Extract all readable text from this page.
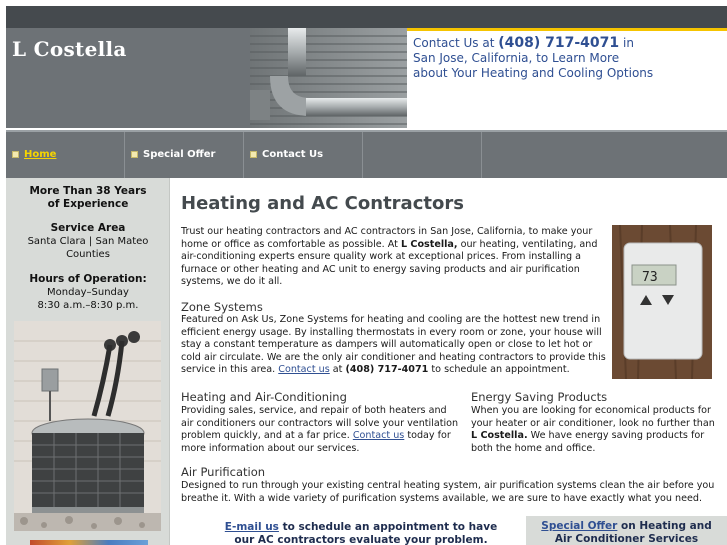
L Costella	Contact Us at (408) 717-4071 in
San Jose, California, to Learn More
about Your Heating and Cooling Options
Home	Special Offer	Contact Us
More Than 38 Years
of Experience
Service Area
Santa Clara | San Mateo
Counties
Hours of Operation:
Monday–Sunday
8:30 a.m.–8:30 p.m.
Heating and AC Contractors
Trust our heating contractors and AC contractors in San Jose, California, to make your home or office as comfortable as possible. At L Costella, our heating, ventilating, and air-conditioning experts ensure quality work at exceptional prices. From installing a furnace or other heating and AC unit to energy saving products and air purification systems, we do it all.	73
Zone Systems
Featured on Ask Us, Zone Systems for heating and cooling are the hottest new trend in efficient energy usage. By installing thermostats in every room or zone, your house will stay a constant temperature as dampers will automatically open or close to let hot or cold air circulate. We are the only air conditioner and heating contractors to provide this service in this area. Contact us at (408) 717-4071 to schedule an appointment.
Heating and Air-Conditioning
Providing sales, service, and repair of both heaters and air conditioners our contractors will solve your ventilation problem quickly, and at a far price. Contact us today for more information about our services.
Energy Saving Products
When you are looking for economical products for your heater or air conditioner, look no further than L Costella. We have energy saving products for both the home and office.
Air Purification
Designed to run through your existing central heating system, air purification systems clean the air before you breathe it. With a wide variety of purification systems available, we are sure to have exactly what you need.
E-mail us to schedule an appointment to have
our AC contractors evaluate your problem.
Special Offer on Heating and
Air Conditioner Services
